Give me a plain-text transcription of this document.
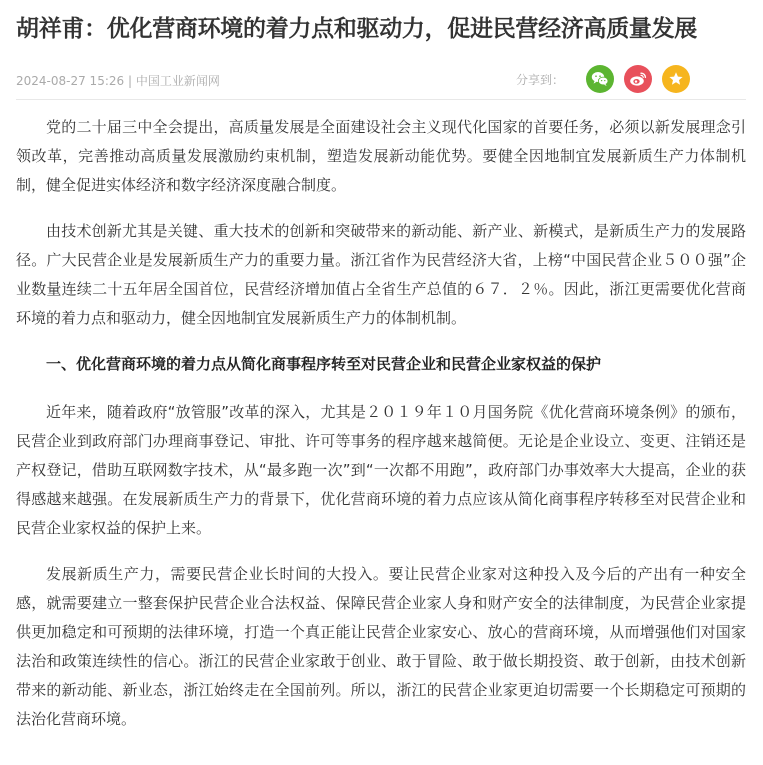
胡祥甫：优化营商环境的着力点和驱动力，促进民营经济高质量发展
2024-08-27 15:26 | 中国工业新闻网	分享到：

党的二十届三中全会提出，高质量发展是全面建设社会主义现代化国家的首要任务，必须以新发展理念引领改革，完善推动高质量发展激励约束机制，塑造发展新动能优势。要健全因地制宜发展新质生产力体制机制，健全促进实体经济和数字经济深度融合制度。

由技术创新尤其是关键、重大技术的创新和突破带来的新动能、新产业、新模式，是新质生产力的发展路径。广大民营企业是发展新质生产力的重要力量。浙江省作为民营经济大省，上榜“中国民营企业５００强”企业数量连续二十五年居全国首位，民营经济增加值占全省生产总值的６７．２％。因此，浙江更需要优化营商环境的着力点和驱动力，健全因地制宜发展新质生产力的体制机制。

一、优化营商环境的着力点从简化商事程序转至对民营企业和民营企业家权益的保护

近年来，随着政府“放管服”改革的深入，尤其是２０１９年１０月国务院《优化营商环境条例》的颁布，民营企业到政府部门办理商事登记、审批、许可等事务的程序越来越简便。无论是企业设立、变更、注销还是产权登记，借助互联网数字技术，从“最多跑一次”到“一次都不用跑”，政府部门办事效率大大提高，企业的获得感越来越强。在发展新质生产力的背景下，优化营商环境的着力点应该从简化商事程序转移至对民营企业和民营企业家权益的保护上来。

发展新质生产力，需要民营企业长时间的大投入。要让民营企业家对这种投入及今后的产出有一种安全感，就需要建立一整套保护民营企业合法权益、保障民营企业家人身和财产安全的法律制度，为民营企业家提供更加稳定和可预期的法律环境，打造一个真正能让民营企业家安心、放心的营商环境，从而增强他们对国家法治和政策连续性的信心。浙江的民营企业家敢于创业、敢于冒险、敢于做长期投资、敢于创新，由技术创新带来的新动能、新业态，浙江始终走在全国前列。所以，浙江的民营企业家更迫切需要一个长期稳定可预期的法治化营商环境。
